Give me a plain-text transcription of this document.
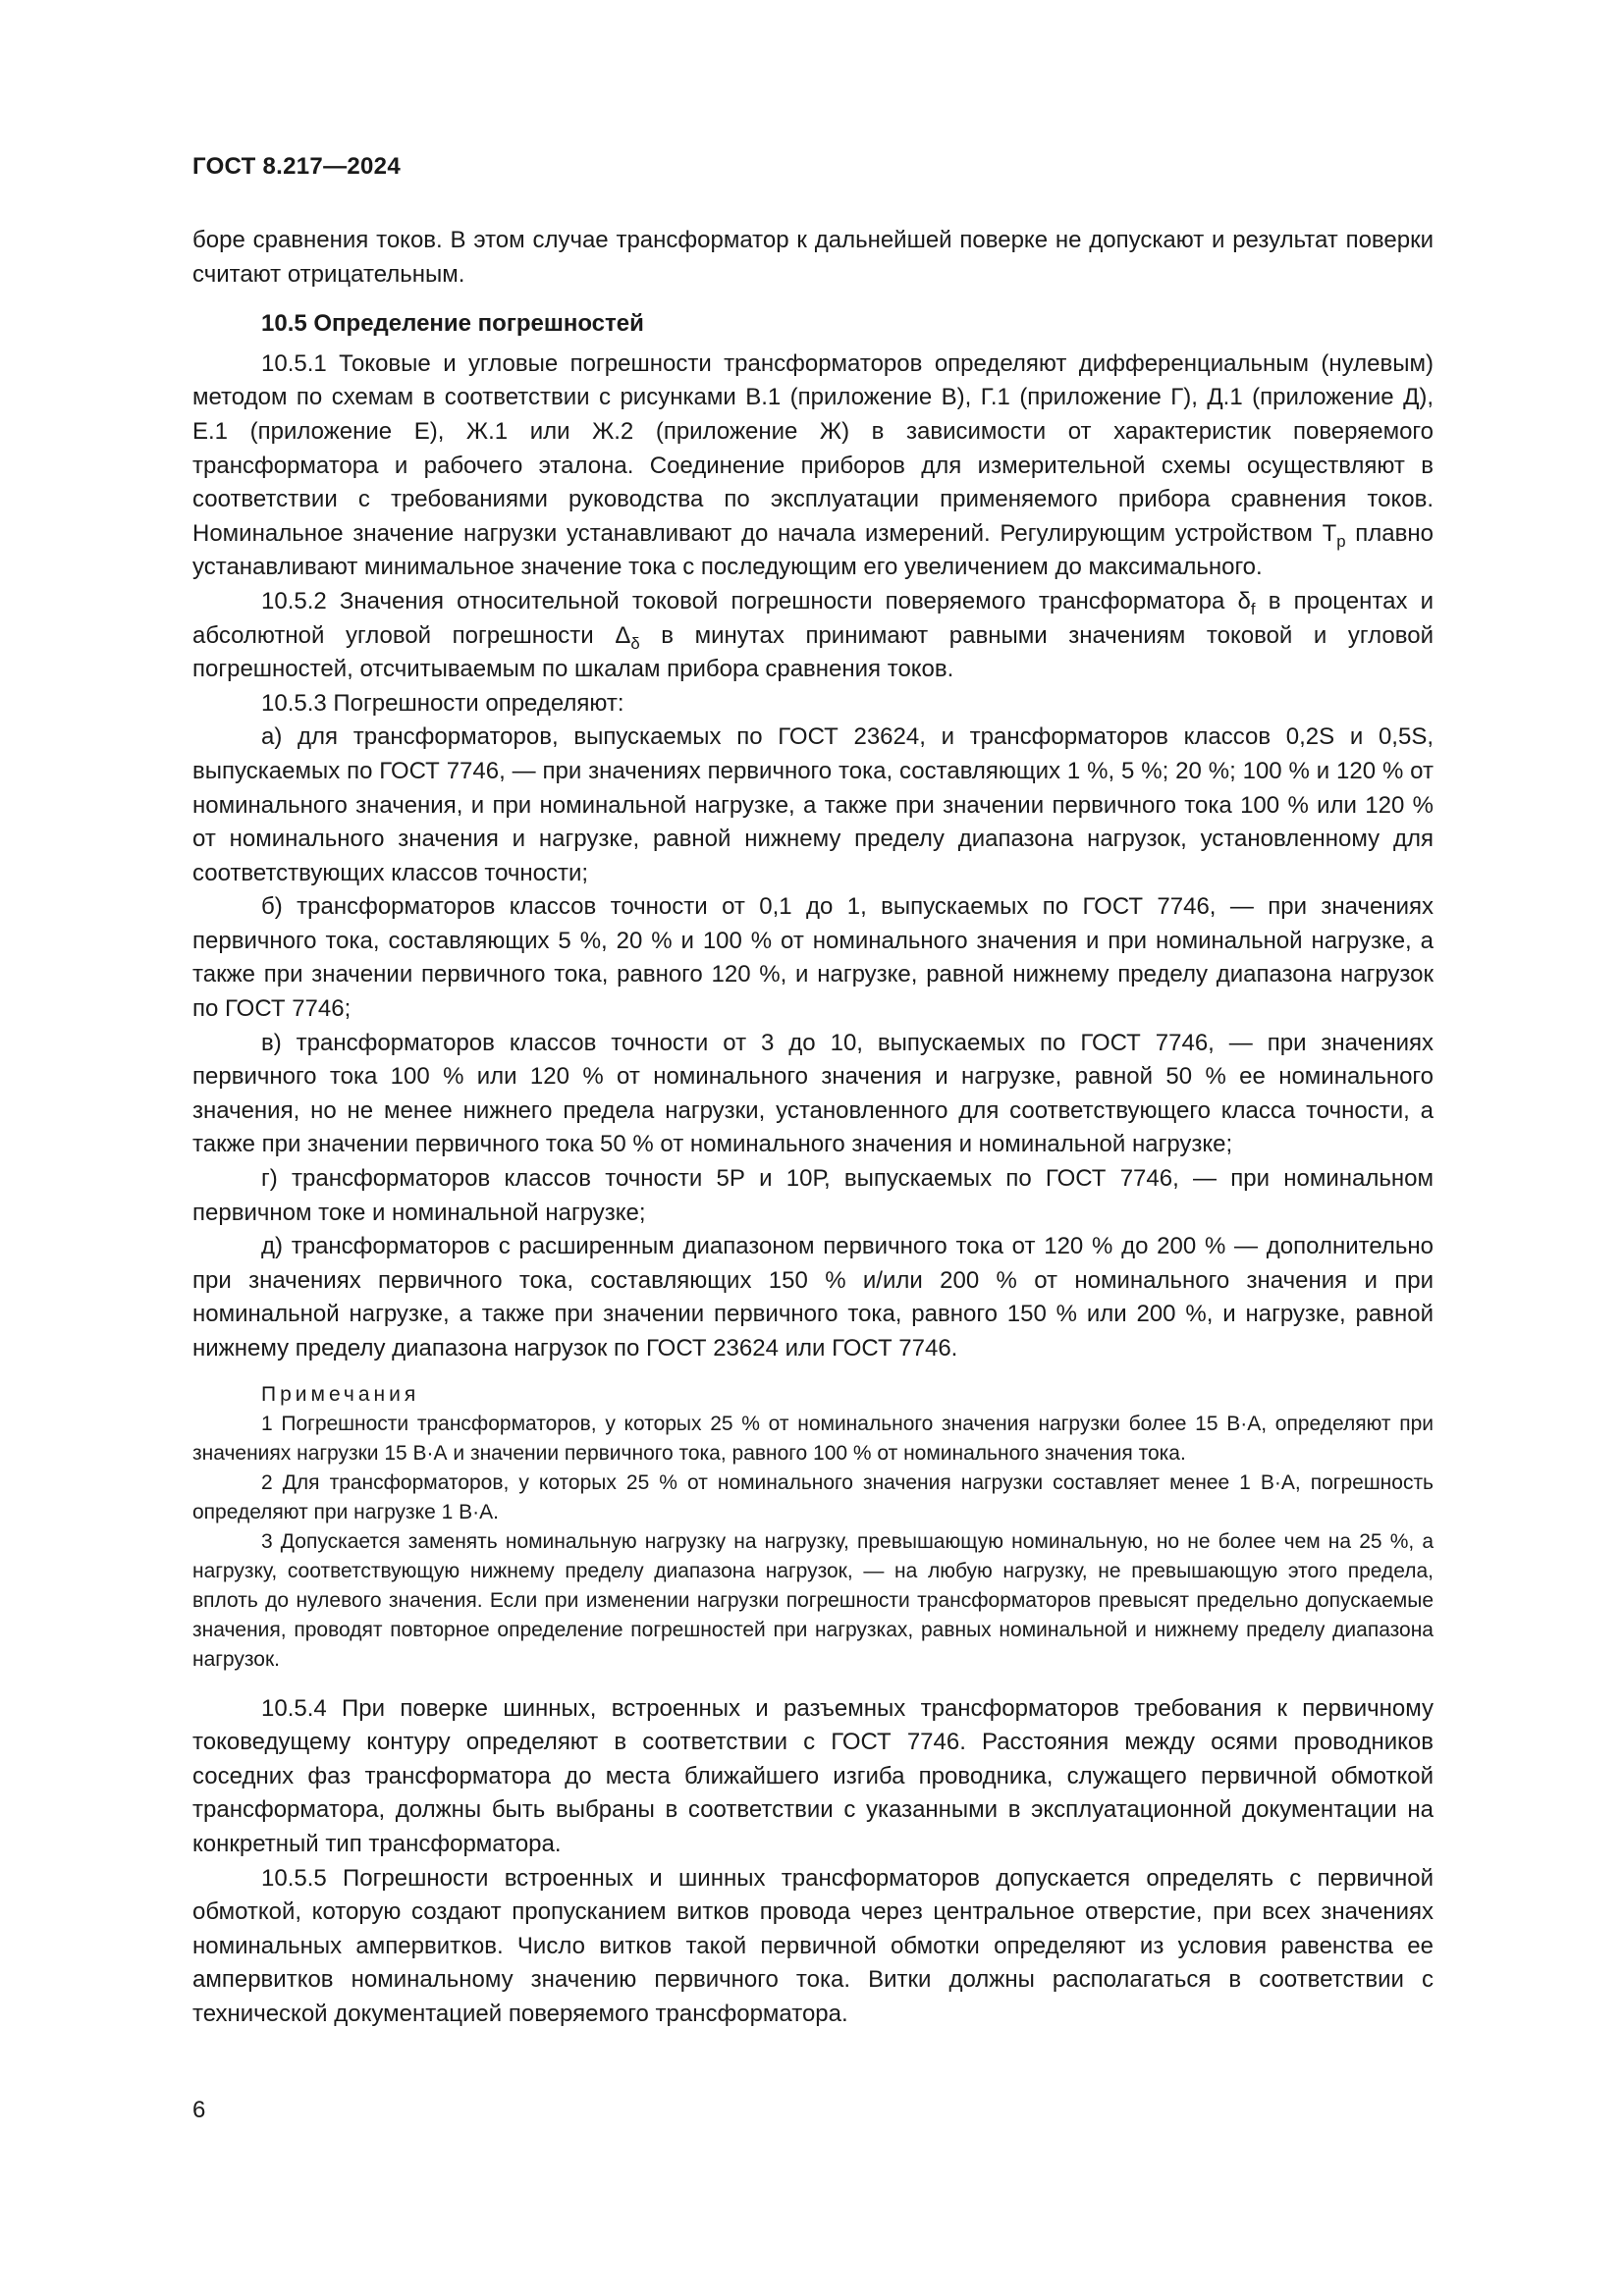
ГОСТ 8.217—2024

боре сравнения токов. В этом случае трансформатор к дальнейшей поверке не допускают и результат поверки считают отрицательным.

10.5 Определение погрешностей

10.5.1 Токовые и угловые погрешности трансформаторов определяют дифференциальным (нулевым) методом по схемам в соответствии с рисунками В.1 (приложение В), Г.1 (приложение Г), Д.1 (приложение Д), Е.1 (приложение Е), Ж.1 или Ж.2 (приложение Ж) в зависимости от характеристик поверяемого трансформатора и рабочего эталона. Соединение приборов для измерительной схемы осуществляют в соответствии с требованиями руководства по эксплуатации применяемого прибора сравнения токов. Номинальное значение нагрузки устанавливают до начала измерений. Регулирующим устройством $T_р$ плавно устанавливают минимальное значение тока с последующим его увеличением до максимального.

10.5.2 Значения относительной токовой погрешности поверяемого трансформатора $\delta_f$ в процентах и абсолютной угловой погрешности $\Delta_\delta$ в минутах принимают равными значениям токовой и угловой погрешностей, отсчитываемым по шкалам прибора сравнения токов.

10.5.3 Погрешности определяют:

а) для трансформаторов, выпускаемых по ГОСТ 23624, и трансформаторов классов 0,2S и 0,5S, выпускаемых по ГОСТ 7746, — при значениях первичного тока, составляющих 1 %, 5 %; 20 %; 100 % и 120 % от номинального значения, и при номинальной нагрузке, а также при значении первичного тока 100 % или 120 % от номинального значения и нагрузке, равной нижнему пределу диапазона нагрузок, установленному для соответствующих классов точности;

б) трансформаторов классов точности от 0,1 до 1, выпускаемых по ГОСТ 7746, — при значениях первичного тока, составляющих 5 %, 20 % и 100 % от номинального значения и при номинальной нагрузке, а также при значении первичного тока, равного 120 %, и нагрузке, равной нижнему пределу диапазона нагрузок по ГОСТ 7746;

в) трансформаторов классов точности от 3 до 10, выпускаемых по ГОСТ 7746, — при значениях первичного тока 100 % или 120 % от номинального значения и нагрузке, равной 50 % ее номинального значения, но не менее нижнего предела нагрузки, установленного для соответствующего класса точности, а также при значении первичного тока 50 % от номинального значения и номинальной нагрузке;

г) трансформаторов классов точности 5Р и 10Р, выпускаемых по ГОСТ 7746, — при номинальном первичном токе и номинальной нагрузке;

д) трансформаторов с расширенным диапазоном первичного тока от 120 % до 200 % — дополнительно при значениях первичного тока, составляющих 150 % и/или 200 % от номинального значения и при номинальной нагрузке, а также при значении первичного тока, равного 150 % или 200 %, и нагрузке, равной нижнему пределу диапазона нагрузок по ГОСТ 23624 или ГОСТ 7746.

Примечания

1 Погрешности трансформаторов, у которых 25 % от номинального значения нагрузки более 15 В·А, определяют при значениях нагрузки 15 В·А и значении первичного тока, равного 100 % от номинального значения тока.

2 Для трансформаторов, у которых 25 % от номинального значения нагрузки составляет менее 1 В·А, погрешность определяют при нагрузке 1 В·А.

3 Допускается заменять номинальную нагрузку на нагрузку, превышающую номинальную, но не более чем на 25 %, а нагрузку, соответствующую нижнему пределу диапазона нагрузок, — на любую нагрузку, не превышающую этого предела, вплоть до нулевого значения. Если при изменении нагрузки погрешности трансформаторов превысят предельно допускаемые значения, проводят повторное определение погрешностей при нагрузках, равных номинальной и нижнему пределу диапазона нагрузок.

10.5.4 При поверке шинных, встроенных и разъемных трансформаторов требования к первичному токоведущему контуру определяют в соответствии с ГОСТ 7746. Расстояния между осями проводников соседних фаз трансформатора до места ближайшего изгиба проводника, служащего первичной обмоткой трансформатора, должны быть выбраны в соответствии с указанными в эксплуатационной документации на конкретный тип трансформатора.

10.5.5 Погрешности встроенных и шинных трансформаторов допускается определять с первичной обмоткой, которую создают пропусканием витков провода через центральное отверстие, при всех значениях номинальных ампервитков. Число витков такой первичной обмотки определяют из условия равенства ее ампервитков номинальному значению первичного тока. Витки должны располагаться в соответствии с технической документацией поверяемого трансформатора.

6
